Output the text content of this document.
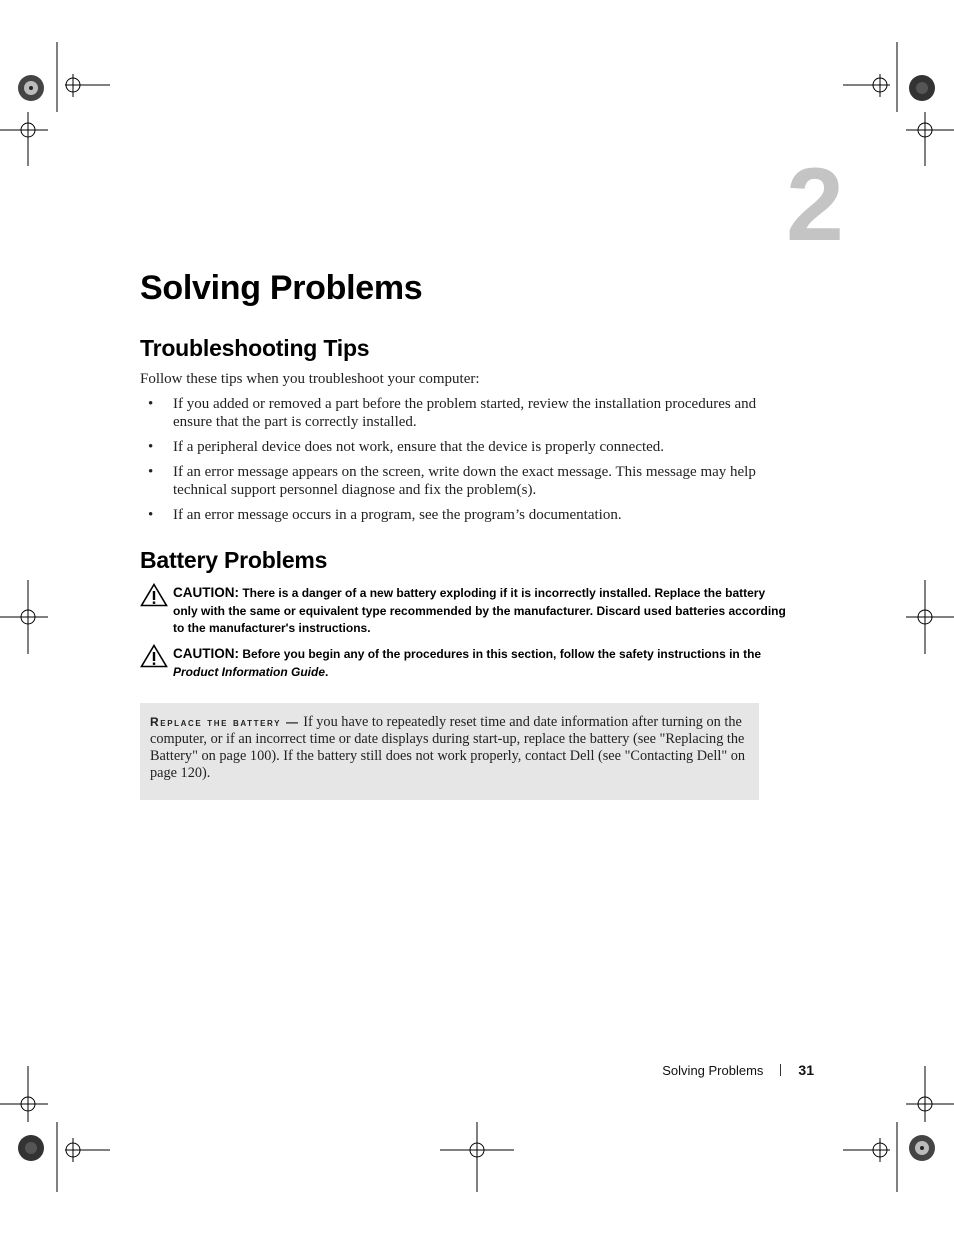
2
Solving Problems
Troubleshooting Tips
Follow these tips when you troubleshoot your computer:
• If you added or removed a part before the problem started, review the installation procedures and ensure that the part is correctly installed.
• If a peripheral device does not work, ensure that the device is properly connected.
• If an error message appears on the screen, write down the exact message. This message may help technical support personnel diagnose and fix the problem(s).
• If an error message occurs in a program, see the program’s documentation.
Battery Problems
CAUTION: There is a danger of a new battery exploding if it is incorrectly installed. Replace the battery only with the same or equivalent type recommended by the manufacturer. Discard used batteries according to the manufacturer's instructions.
CAUTION: Before you begin any of the procedures in this section, follow the safety instructions in the Product Information Guide.
Replace the battery — If you have to repeatedly reset time and date information after turning on the computer, or if an incorrect time or date displays during start-up, replace the battery (see "Replacing the Battery" on page 100). If the battery still does not work properly, contact Dell (see "Contacting Dell" on page 120).
Solving Problems	31
